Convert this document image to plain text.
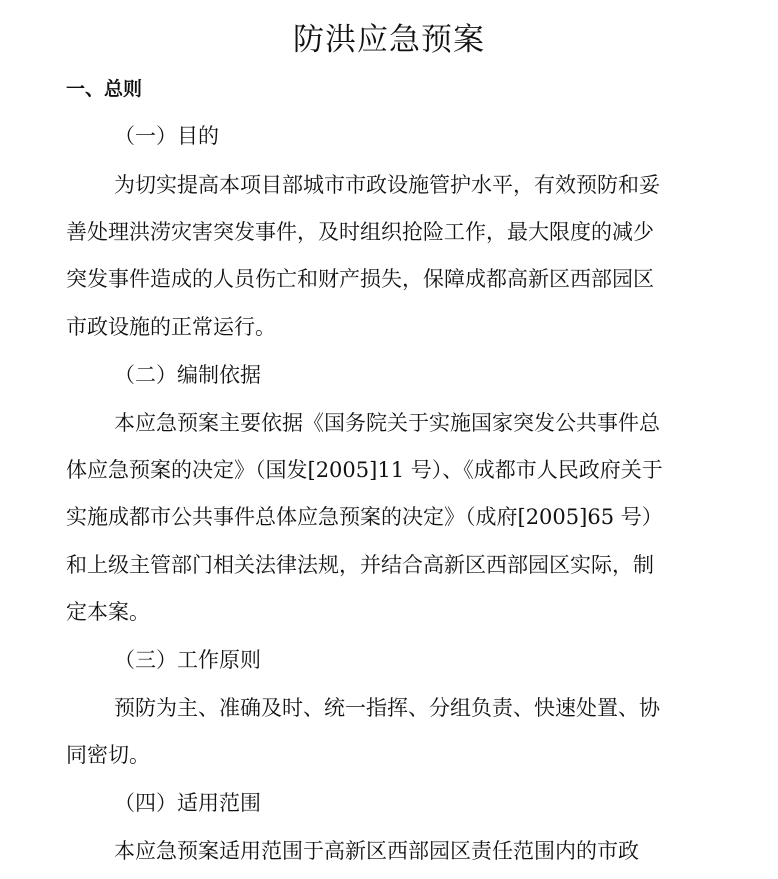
防洪应急预案
一、总则
（一）目的

为切实提高本项目部城市市政设施管护水平，有效预防和妥

善处理洪涝灾害突发事件，及时组织抢险工作，最大限度的减少

突发事件造成的人员伤亡和财产损失，保障成都高新区西部园区

市政设施的正常运行。

（二）编制依据

本应急预案主要依据《国务院关于实施国家突发公共事件总

体应急预案的决定》（国发[2005]11 号）、《成都市人民政府关于

实施成都市公共事件总体应急预案的决定》（成府[2005]65 号）

和上级主管部门相关法律法规，并结合高新区西部园区实际，制

定本案。

（三）工作原则

预防为主、准确及时、统一指挥、分组负责、快速处置、协

同密切。

（四）适用范围

本应急预案适用范围于高新区西部园区责任范围内的市政
